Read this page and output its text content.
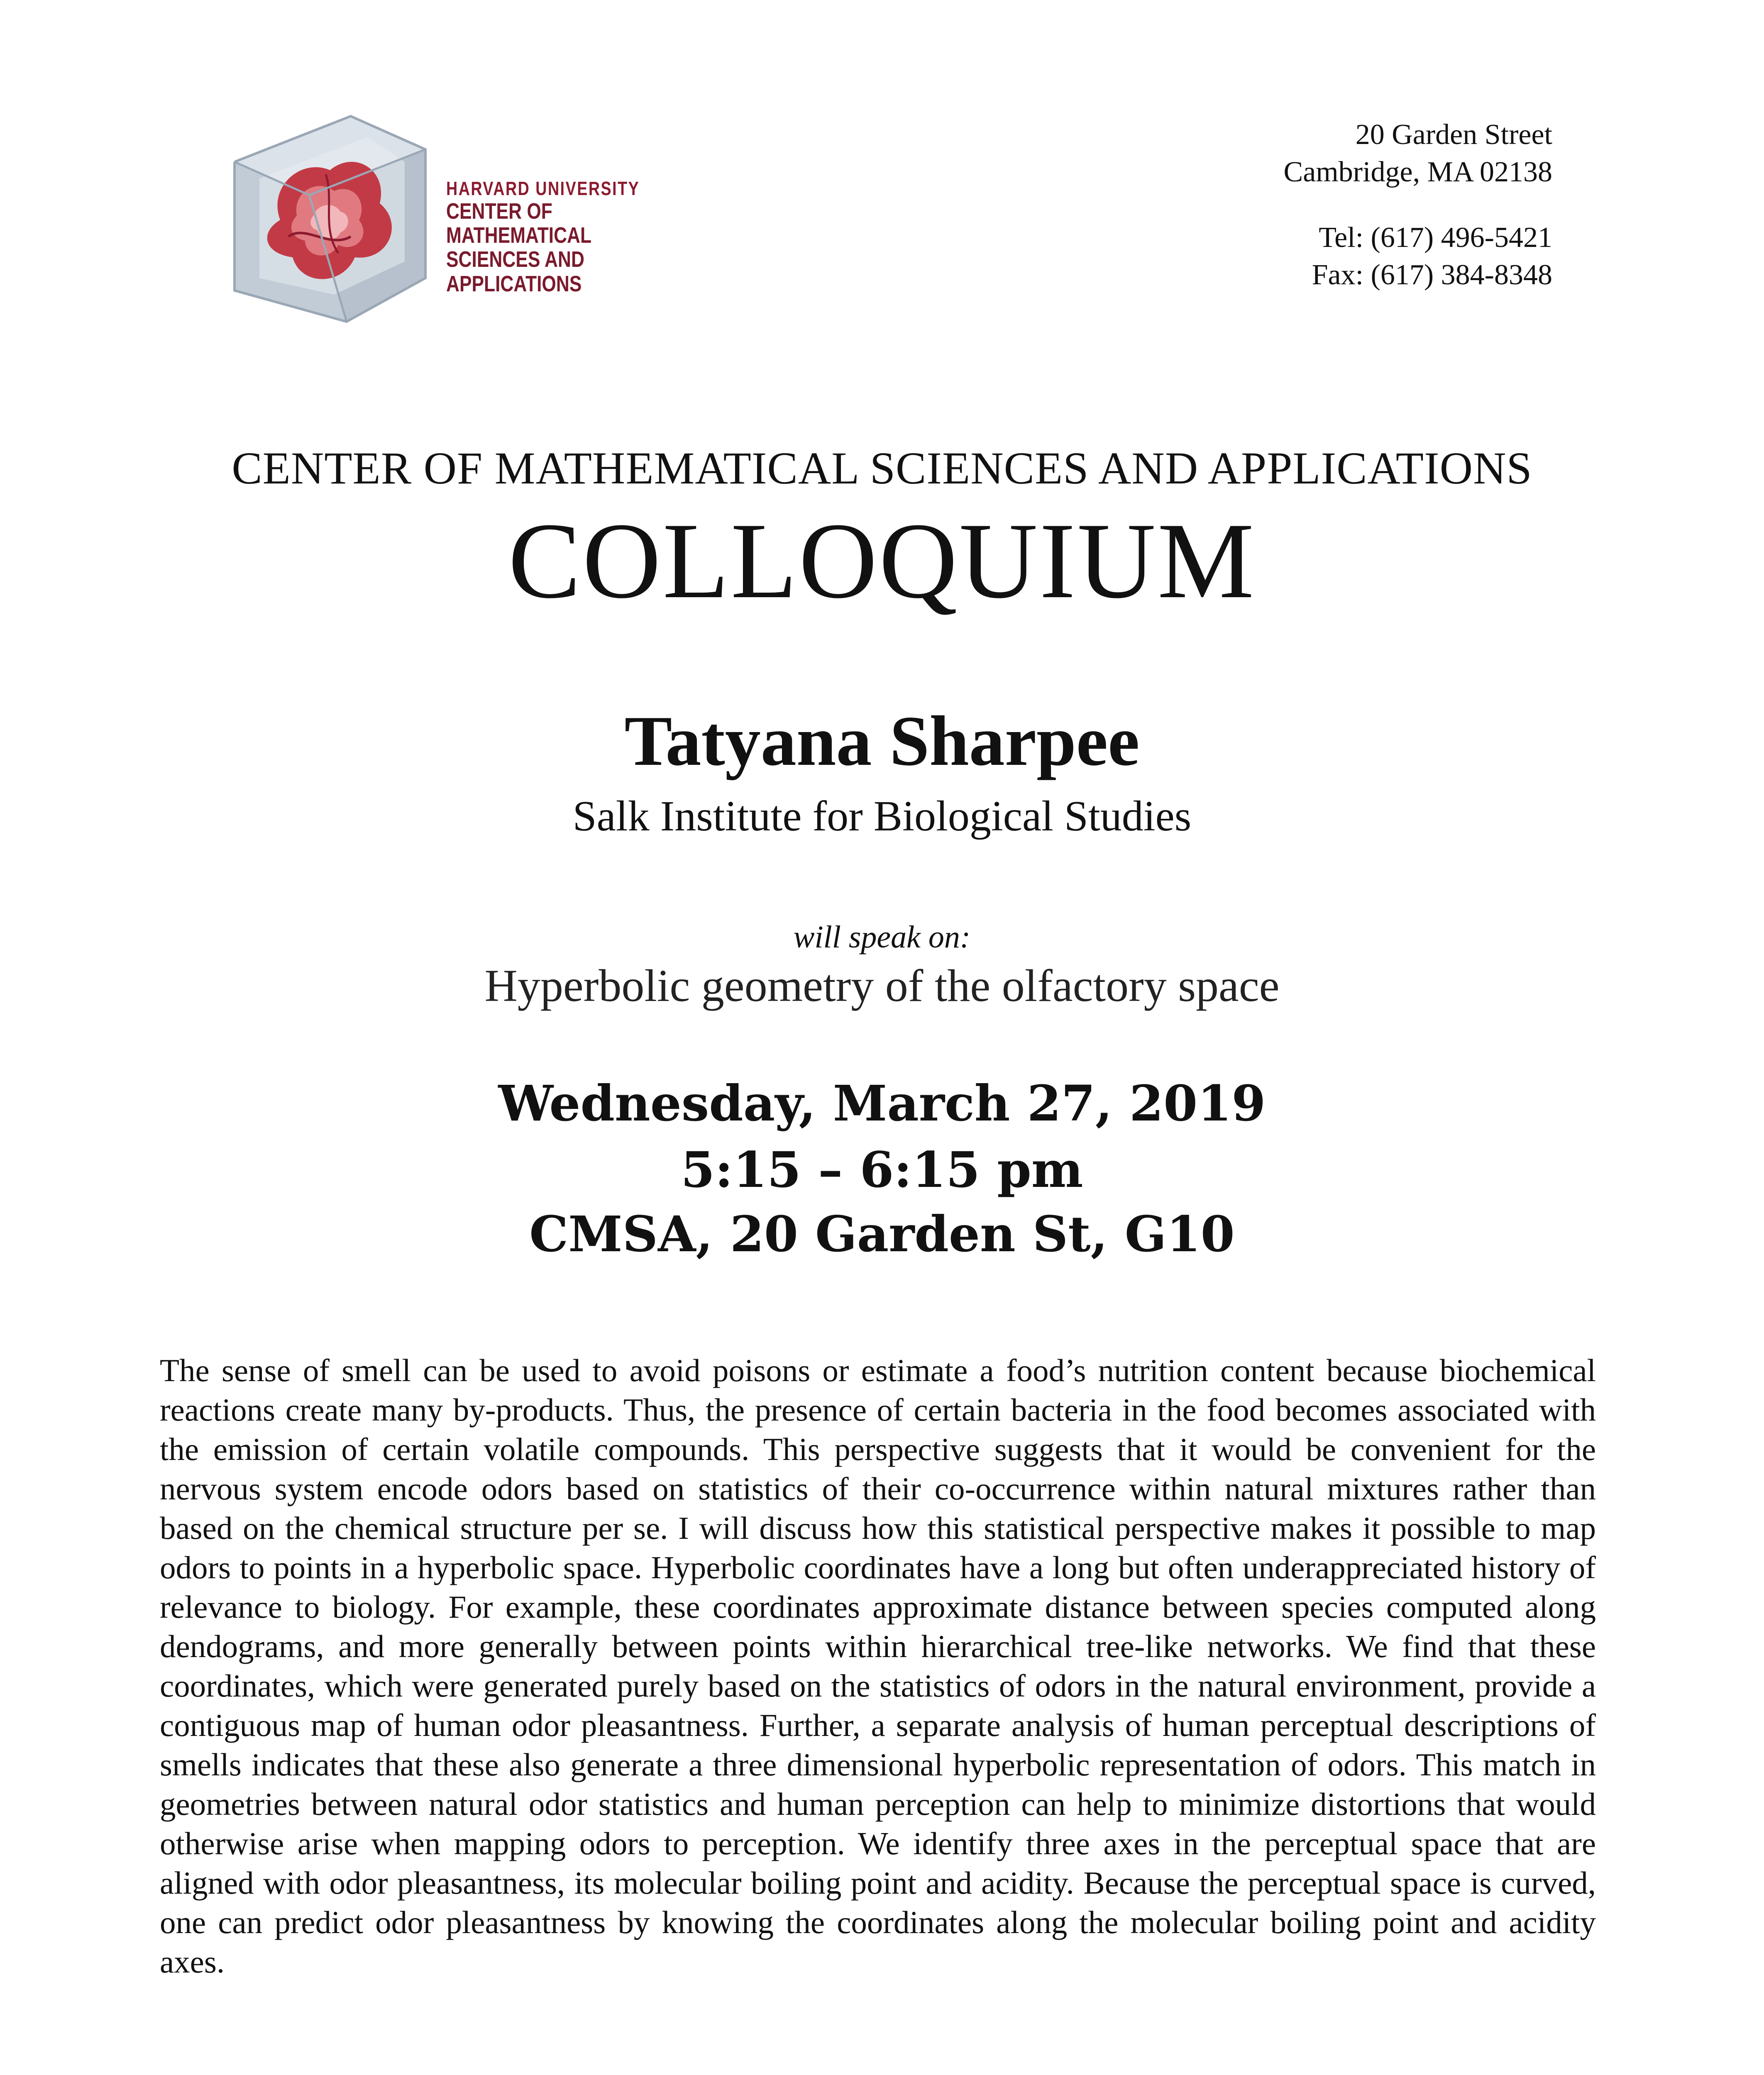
HARVARD UNIVERSITY
CENTER OF MATHEMATICAL
SCIENCES AND APPLICATIONS
20 Garden Street
Cambridge, MA 02138
Tel: (617) 496-5421
Fax: (617) 384-8348
CENTER OF MATHEMATICAL SCIENCES AND APPLICATIONS
COLLOQUIUM
Tatyana Sharpee
Salk Institute for Biological Studies
will speak on:
Hyperbolic geometry of the olfactory space
Wednesday, March 27, 2019
5:15 – 6:15 pm
CMSA, 20 Garden St, G10

The sense of smell can be used to avoid poisons or estimate a food’s nutrition content because biochemical reactions create many by-products. Thus, the presence of certain bacteria in the food becomes associated with the emission of certain volatile compounds. This perspective suggests that it would be convenient for the nervous system encode odors based on statistics of their co-occurrence within natural mixtures rather than based on the chemical structure per se. I will discuss how this statistical perspective makes it possible to map odors to points in a hyperbolic space. Hyperbolic coordinates have a long but often underappreciated history of relevance to biology. For example, these coordinates approximate distance between species computed along dendograms, and more generally between points within hierarchical tree-like networks. We find that these coordinates, which were generated purely based on the statistics of odors in the natural environment, provide a contiguous map of human odor pleasantness. Further, a separate analysis of human perceptual descriptions of smells indicates that these also generate a three dimensional hyperbolic representation of odors. This match in geometries between natural odor statistics and human perception can help to minimize distortions that would otherwise arise when mapping odors to perception. We identify three axes in the perceptual space that are aligned with odor pleasantness, its molecular boiling point and acidity. Because the perceptual space is curved, one can predict odor pleasantness by knowing the coordinates along the molecular boiling point and acidity axes.
